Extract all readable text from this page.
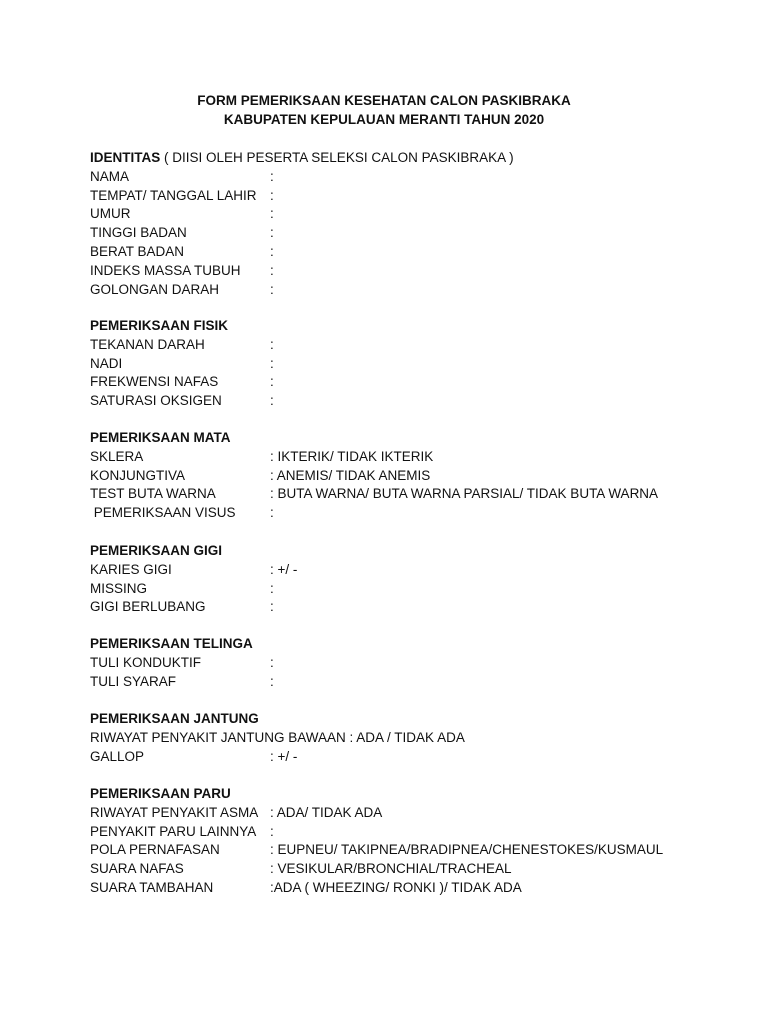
FORM PEMERIKSAAN KESEHATAN CALON PASKIBRAKA
KABUPATEN KEPULAUAN MERANTI TAHUN 2020
IDENTITAS ( DIISI OLEH PESERTA SELEKSI CALON PASKIBRAKA )
NAMA	:
TEMPAT/ TANGGAL LAHIR :
UMUR	:
TINGGI BADAN	:
BERAT BADAN	:
INDEKS MASSA TUBUH	:
GOLONGAN DARAH	:
PEMERIKSAAN FISIK
TEKANAN DARAH	:
NADI	:
FREKWENSI NAFAS	:
SATURASI OKSIGEN	:
PEMERIKSAAN MATA
SKLERA	: IKTERIK/ TIDAK IKTERIK
KONJUNGTIVA	: ANEMIS/ TIDAK ANEMIS
TEST BUTA WARNA	: BUTA WARNA/ BUTA WARNA PARSIAL/ TIDAK BUTA WARNA
PEMERIKSAAN VISUS	:
PEMERIKSAAN GIGI
KARIES GIGI	: +/ -
MISSING	:
GIGI BERLUBANG	:
PEMERIKSAAN TELINGA
TULI KONDUKTIF	:
TULI SYARAF	:
PEMERIKSAAN JANTUNG
RIWAYAT PENYAKIT JANTUNG BAWAAN : ADA / TIDAK ADA
GALLOP	: +/ -
PEMERIKSAAN PARU
RIWAYAT PENYAKIT ASMA : ADA/ TIDAK ADA
PENYAKIT PARU LAINNYA	:
POLA PERNAFASAN	: EUPNEU/ TAKIPNEA/BRADIPNEA/CHENESTOKES/KUSMAUL
SUARA NAFAS	: VESIKULAR/BRONCHIAL/TRACHEAL
SUARA TAMBAHAN	:ADA ( WHEEZING/ RONKI )/ TIDAK ADA
